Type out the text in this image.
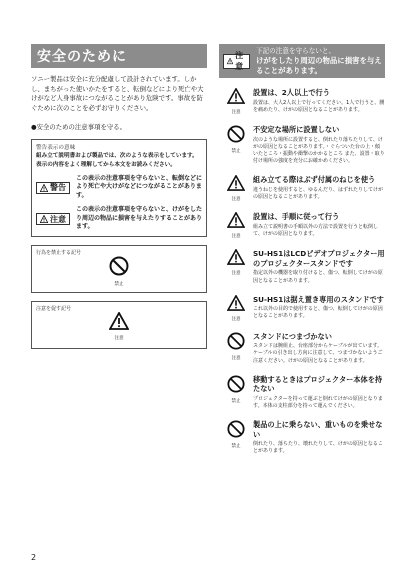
安全のために
ソニー製品は安全に充分配慮して設計されています。しかし、まちがった使いかたをすると、転倒などにより死亡や大けがなど人身事故につながることがあり危険です。事故を防ぐために次のことを必ずお守りください。
●安全のための注意事項を守る。
警告表示の意味
組み立て説明書および製品では、次のような表示をしています。表示の内容をよく理解してから本文をお読みください。
警告
この表示の注意事項を守らないと、転倒などにより死亡や大けがなどにつながることがあります。
注意
この表示の注意事項を守らないと、けがをしたり周辺の物品に損害を与えたりすることがあります。
行為を禁止する記号
禁止
注意を促す記号
注意
注意
下記の注意を守らないと、
けがをしたり周辺の物品に損害を与えることがあります。
注意
設置は、2人以上で行う
設置は、大人2人以上で行ってください。1人で行うと、腰を痛めたり、けがの原因となることがあります。
禁止
不安定な場所に設置しない
次のような場所に設置すると、倒れたり落ちたりして、けがの原因となることがあります。・ぐらついた台の上・傾いたところ・振動や衝撃のかかるところ また、設置・取り付け場所の強度を充分にお確かめください。
注意
組み立てる際はぶず付属のねじを使う
違うねじを使用すると、ゆるんだり、はずれたりしてけがの原因となることがあります。
注意
設置は、手順に従って行う
組み立て説明書の手順以外の方法で設置を行うと転倒して、けがの原因となります。
注意
SU-HS1はLCDビデオプロジェクター用のプロジェクタースタンドです
指定以外の機器を取り付けると、傷つ、転倒してけがの原因となることがあります。
注意
SU-HS1は据え置き専用のスタンドです
これ以外の目的で使用すると、傷つ、転倒してけがの原因となることがあります。
注意
スタンドにつまづかない
スタンドは腕組止、台座部分からケーブルが出ています。ケーブルの引き出し方向に注意して、つまづかないようご注意ください。けがの原因となることがあります。
禁止
移動するときはプロジェクター本体を持たない
プロジェクターを持って運ぶと倒れてけがの原因となります。本体の支柱部分を持って運んでください。
禁止
製品の上に乗らない、重いものを乗せない
倒れたり、落ちたり、壊れたりして、けがの原因となることがあります。
2
